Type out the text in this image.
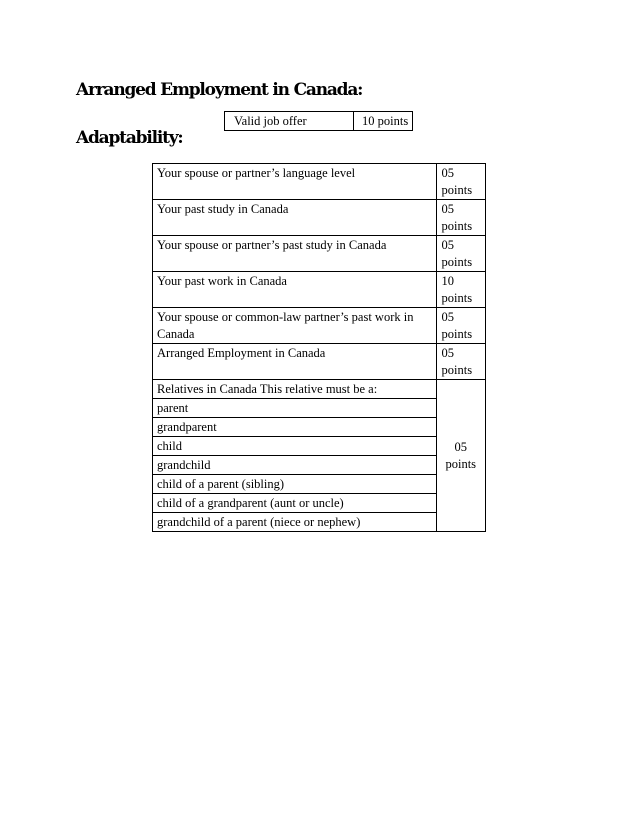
Arranged Employment in Canada:
Valid job offer	10 points
Adaptability:
Your spouse or partner’s language level	05
points
Your past study in Canada	05
points
Your spouse or partner’s past study in Canada	05
points
Your past work in Canada	10
points
Your spouse or common-law partner’s past work in Canada	05
points
Arranged Employment in Canada	05
points
Relatives in Canada This relative must be a:	05
points

parent	
grandparent	
child	
grandchild	
child of a parent (sibling)	
child of a grandparent (aunt or uncle)	
grandchild of a parent (niece or nephew)	
